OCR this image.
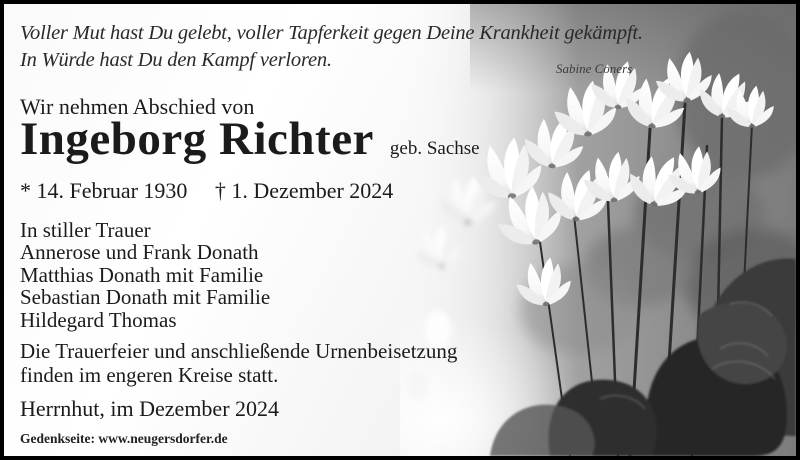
Voller Mut hast Du gelebt, voller Tapferkeit gegen Deine Krankheit gekämpft.
In Würde hast Du den Kampf verloren.	Sabine Coners
Wir nehmen Abschied von
Ingeborg Richter geb. Sachse
* 14. Februar 1930 † 1. Dezember 2024
In stiller Trauer
Annerose und Frank Donath
Matthias Donath mit Familie
Sebastian Donath mit Familie
Hildegard Thomas
Die Trauerfeier und anschließende Urnenbeisetzung
finden im engeren Kreise statt.
Herrnhut, im Dezember 2024
Gedenkseite: www.neugersdorfer.de
